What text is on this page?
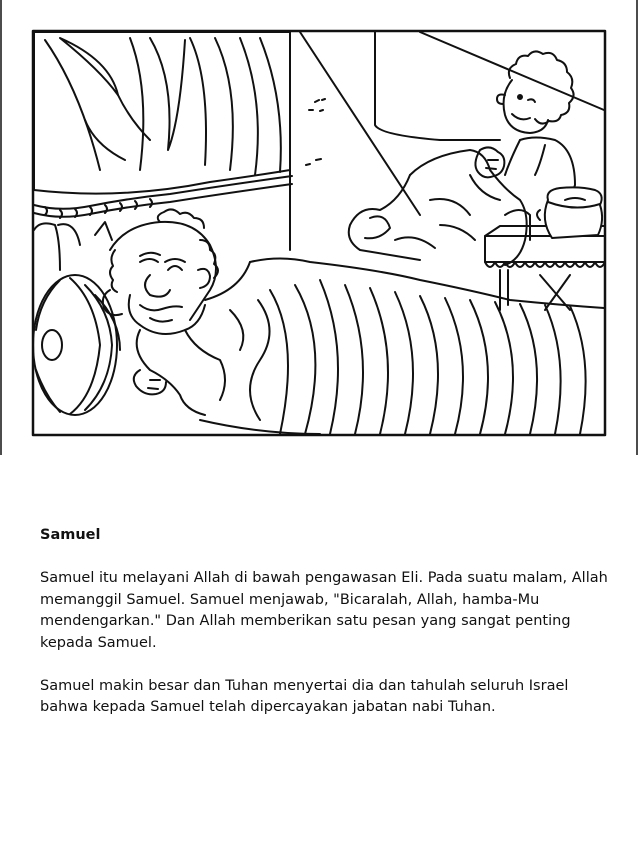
Samuel

Samuel itu melayani Allah di bawah pengawasan Eli. Pada suatu malam, Allah memanggil Samuel. Samuel menjawab, "Bicaralah, Allah, hamba-Mu mendengarkan." Dan Allah memberikan satu pesan yang sangat penting kepada Samuel.

Samuel makin besar dan Tuhan menyertai dia dan tahulah seluruh Israel bahwa kepada Samuel telah dipercayakan jabatan nabi Tuhan.
